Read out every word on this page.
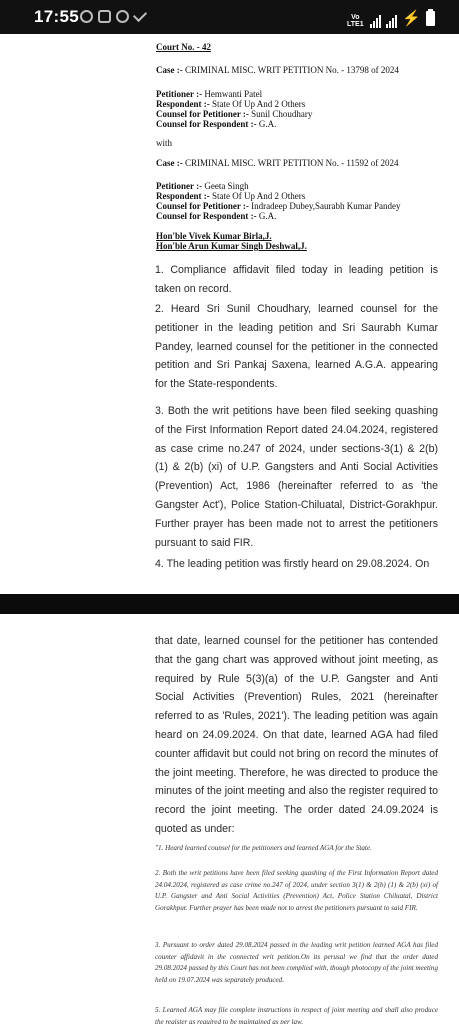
17:55	Vo LTE1	⚡
Court No. - 42
Case :- CRIMINAL MISC. WRIT PETITION No. - 13798 of 2024
Petitioner :- Hemwanti Patel
Respondent :- State Of Up And 2 Others
Counsel for Petitioner :- Sunil Choudhary
Counsel for Respondent :- G.A.
with
Case :- CRIMINAL MISC. WRIT PETITION No. - 11592 of 2024
Petitioner :- Geeta Singh
Respondent :- State Of Up And 2 Others
Counsel for Petitioner :- Indradeep Dubey,Saurabh Kumar Pandey
Counsel for Respondent :- G.A.
Hon'ble Vivek Kumar Birla,J.
Hon'ble Arun Kumar Singh Deshwal,J.
1. Compliance affidavit filed today in leading petition is taken on record.
2. Heard Sri Sunil Choudhary, learned counsel for the petitioner in the leading petition and Sri Saurabh Kumar Pandey, learned counsel for the petitioner in the connected petition and Sri Pankaj Saxena, learned A.G.A. appearing for the State-respondents.
3. Both the writ petitions have been filed seeking quashing of the First Information Report dated 24.04.2024, registered as case crime no.247 of 2024, under sections-3(1) & 2(b) (1) & 2(b) (xi) of U.P. Gangsters and Anti Social Activities (Prevention) Act, 1986 (hereinafter referred to as 'the Gangster Act'), Police Station-Chiluatal, District-Gorakhpur. Further prayer has been made not to arrest the petitioners pursuant to said FIR.
4. The leading petition was firstly heard on 29.08.2024. On
that date, learned counsel for the petitioner has contended that the gang chart was approved without joint meeting, as required by Rule 5(3)(a) of the U.P. Gangster and Anti Social Activities (Prevention) Rules, 2021 (hereinafter referred to as 'Rules, 2021'). The leading petition was again heard on 24.09.2024. On that date, learned AGA had filed counter affidavit but could not bring on record the minutes of the joint meeting. Therefore, he was directed to produce the minutes of the joint meeting and also the register required to record the joint meeting. The order dated 24.09.2024 is quoted as under:
"1. Heard learned counsel for the petitioners and learned AGA for the State.
2. Both the writ petitions have been filed seeking quashing of the First Information Report dated 24.04.2024, registered as case crime no.247 of 2024, under section 3(1) & 2(b) (1) & 2(b) (xi) of U.P. Gangster and Anti Social Activities (Prevention) Act, Police Station Chiluatal, District Gorakhpur. Further prayer has been made not to arrest the petitioners pursuant to said FIR.
3. Pursuant to order dated 29.08.2024 passed in the leading writ petition learned AGA has filed counter affidavit in the connected writ petition.On its perusal we find that the order dated 29.08.2024 passed by this Court has not been complied with, though photocopy of the joint meeting held on 19.07.2024 was separately produced.
5. Learned AGA may file complete instructions in respect of joint meeting and shall also produce the register as required to be maintained as per law.
